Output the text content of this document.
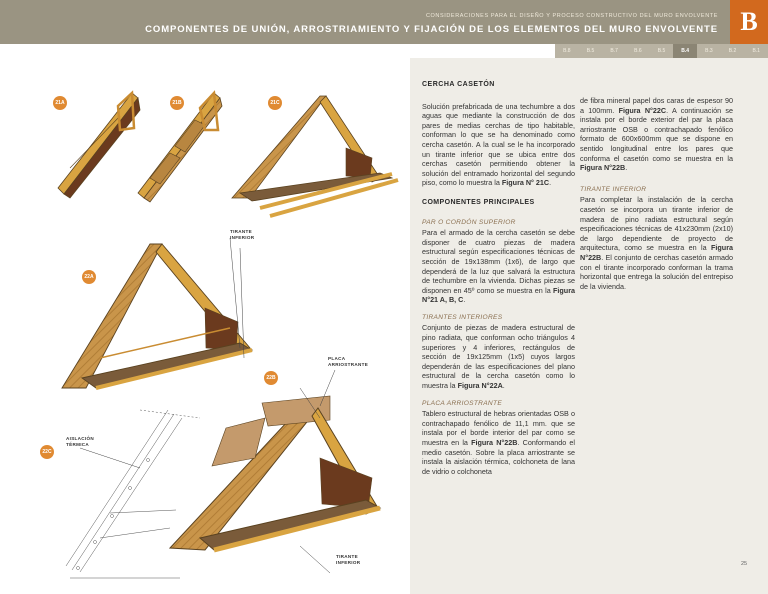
CONSIDERACIONES PARA EL DISEÑO Y PROCESO CONSTRUCTIVO DEL MURO ENVOLVENTE
COMPONENTES DE UNIÓN, ARROSTRIAMIENTO Y FIJACIÓN DE LOS ELEMENTOS DEL MURO ENVOLVENTE B
B.8	B.5	B.7	B.6	B.5	B.4	B.3	B.2	B.1
21A	21B	21C
22A
22B
22C
TIRANTE
INFERIOR
PLACA
ARRIOSTRANTE
AISLACIÓN
TÉRMICA
TIRANTE
INFERIOR
CERCHA CASETÓN

Solución prefabricada de una techumbre a dos aguas que mediante la construcción de dos pares de medias cerchas de tipo habitable, conforman lo que se ha denominado como cercha casetón. A la cual se le ha incorporado un tirante inferior que se ubica entre dos cerchas casetón permitiendo obtener la solución del entramado horizontal del segundo piso, como lo muestra la Figura N° 21C.

COMPONENTES PRINCIPALES
PAR O CORDÓN SUPERIOR

Para el armado de la cercha casetón se debe disponer de cuatro piezas de madera estructural según especificaciones técnicas de sección de 19x138mm (1x6), de largo que dependerá de la luz que salvará la estructura de techumbre en la vivienda. Dichas piezas se disponen en 45º como se muestra en la Figura N°21 A, B, C.

TIRANTES INTERIORES

Conjunto de piezas de madera estructural de pino radiata, que conforman ocho triángulos 4 superiores y 4 inferiores, rectángulos de sección de 19x125mm (1x5) cuyos largos dependerán de las especificaciones del plano estructural de la cercha casetón como lo muestra la Figura N°22A.

PLACA ARRIOSTRANTE

Tablero estructural de hebras orientadas OSB o contrachapado fenólico de 11,1 mm. que se instala por el borde interior del par como se muestra en la Figura N°22B. Conformando el medio casetón. Sobre la placa arriostrante se instala la aislación térmica, colchoneta de lana de vidrio o colchoneta

de fibra mineral papel dos caras de espesor 90 a 100mm. Figura N°22C. A continuación se instala por el borde exterior del par la placa arriostrante OSB o contrachapado fenólico formato de 600x600mm que se dispone en sentido longitudinal entre los pares que conforma el casetón como se muestra en la Figura N°22B.

TIRANTE INFERIOR

Para completar la instalación de la cercha casetón se incorpora un tirante inferior de madera de pino radiata estructural según especificaciones técnicas de 41x230mm (2x10) de largo dependiente de proyecto de arquitectura, como se muestra en la Figura N°22B. El conjunto de cerchas casetón armado con el tirante incorporado conforman la trama horizontal que entrega la solución del entrepiso de la vivienda.

25
